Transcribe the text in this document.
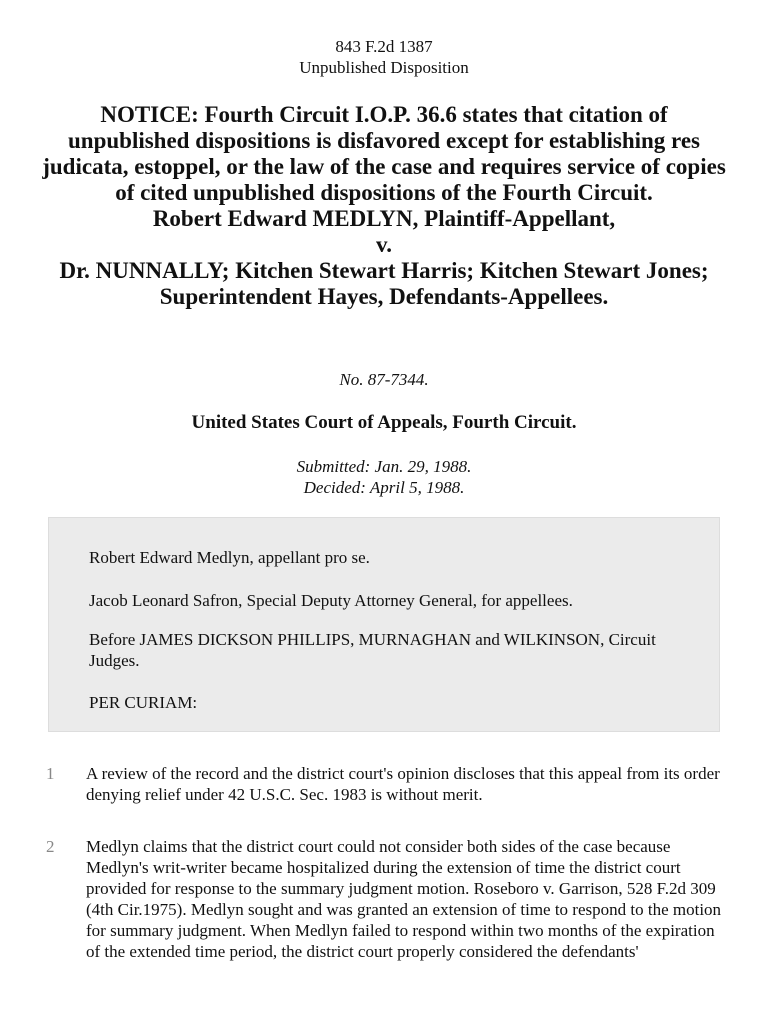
843 F.2d 1387
Unpublished Disposition
NOTICE: Fourth Circuit I.O.P. 36.6 states that citation of unpublished dispositions is disfavored except for establishing res judicata, estoppel, or the law of the case and requires service of copies of cited unpublished dispositions of the Fourth Circuit.
Robert Edward MEDLYN, Plaintiff-Appellant,
v.
Dr. NUNNALLY; Kitchen Stewart Harris; Kitchen Stewart Jones; Superintendent Hayes, Defendants-Appellees.
No. 87-7344.
United States Court of Appeals, Fourth Circuit.
Submitted: Jan. 29, 1988.
Decided: April 5, 1988.

Robert Edward Medlyn, appellant pro se.

Jacob Leonard Safron, Special Deputy Attorney General, for appellees.

Before JAMES DICKSON PHILLIPS, MURNAGHAN and WILKINSON, Circuit Judges.

PER CURIAM:

1 A review of the record and the district court's opinion discloses that this appeal from its order denying relief under 42 U.S.C. Sec. 1983 is without merit.
2 Medlyn claims that the district court could not consider both sides of the case because Medlyn's writ-writer became hospitalized during the extension of time the district court provided for response to the summary judgment motion. Roseboro v. Garrison, 528 F.2d 309 (4th Cir.1975). Medlyn sought and was granted an extension of time to respond to the motion for summary judgment. When Medlyn failed to respond within two months of the expiration of the extended time period, the district court properly considered the defendants'
